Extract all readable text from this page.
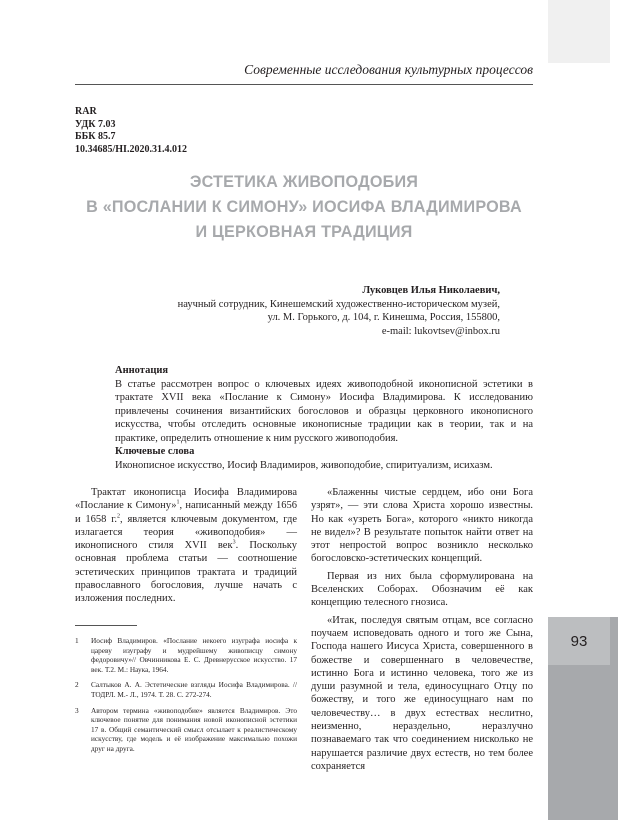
93
Современные исследования культурных процессов
RAR
УДК 7.03
ББК 85.7
10.34685/HI.2020.31.4.012
ЭСТЕТИКА ЖИВОПОДОБИЯ
В «ПОСЛАНИИ К СИМОНУ» ИОСИФА ВЛАДИМИРОВА
И ЦЕРКОВНАЯ ТРАДИЦИЯ
Луковцев Илья Николаевич,
научный сотрудник, Кинешемский художественно-историческом музей,
ул. М. Горького, д. 104, г. Кинешма, Россия, 155800,
e-mail: lukovtsev@inbox.ru
Аннотация

В статье рассмотрен вопрос о ключевых идеях живоподобной иконописной эстетики в трактате XVII века «Послание к Симону» Иосифа Владимирова. К исследованию привлечены сочинения византийских богословов и образцы церковного иконописного искусства, чтобы отследить основные иконописные традиции как в теории, так и на практике, определить отношение к ним русского живоподобия.

Ключевые слова
Иконописное искусство, Иосиф Владимиров, живоподобие, спиритуализм, исихазм.

Трактат иконописца Иосифа Владимирова «Послание к Симону»$^1$, написанный между 1656 и 1658 г.$^2$, является ключевым документом, где излагается теория «живоподобия» — иконописного стиля XVII век$^3$. Поскольку основная проблема статьи — соотношение эстетических принципов трактата и традиций православного богословия, лучше начать с изложения последних.

1	Иосиф Владимиров. «Послание некоего изуграфа иосифа к царeву изуграфу и мудрейшему живописцу симону федоровичу»// Овчинникова Е. С. Древнерусское искусство. 17 век. Т.2. М.: Наука, 1964.
2	Салтыков А. А. Эстетические взгляды Иосифа Владимирова. // ТОДРЛ. М.- Л., 1974. Т. 28. С. 272-274.
3	Автором термина «живоподобие» является Владимиров. Это ключевое понятие для понимания новой иконописной эстетики 17 в. Общий семантический смысл отсылает к реалистическому искусству, где модель и её изображение максимально похожи друг на друга.

«Блаженны чистые сердцем, ибо они Бога узрят», — эти слова Христа хорошо известны. Но как «узреть Бога», которого «никто никогда не видел»? В результате попыток найти ответ на этот непростой вопрос возникло несколько богословско-эстетических концепций.

Первая из них была сформулирована на Вселенских Соборах. Обозначим её как концепцию телесного гнозиса.

«Итак, последуя святым отцам, все согласно поучаем исповедовать одного и того же Сына, Господа нашего Иисуса Христа, совершенного в божестве и совершеннаго в человечестве, истинно Бога и истинно человека, того же из души разумной и тела, единосущнаго Отцу по божеству, и того же единосущнаго нам по человечеству… в двух естествах неслитно, неизменно, нераздельно, неразлучно познаваемаго так что соединением нисколько не нарушается различие двух естеств, но тем более сохраняется
